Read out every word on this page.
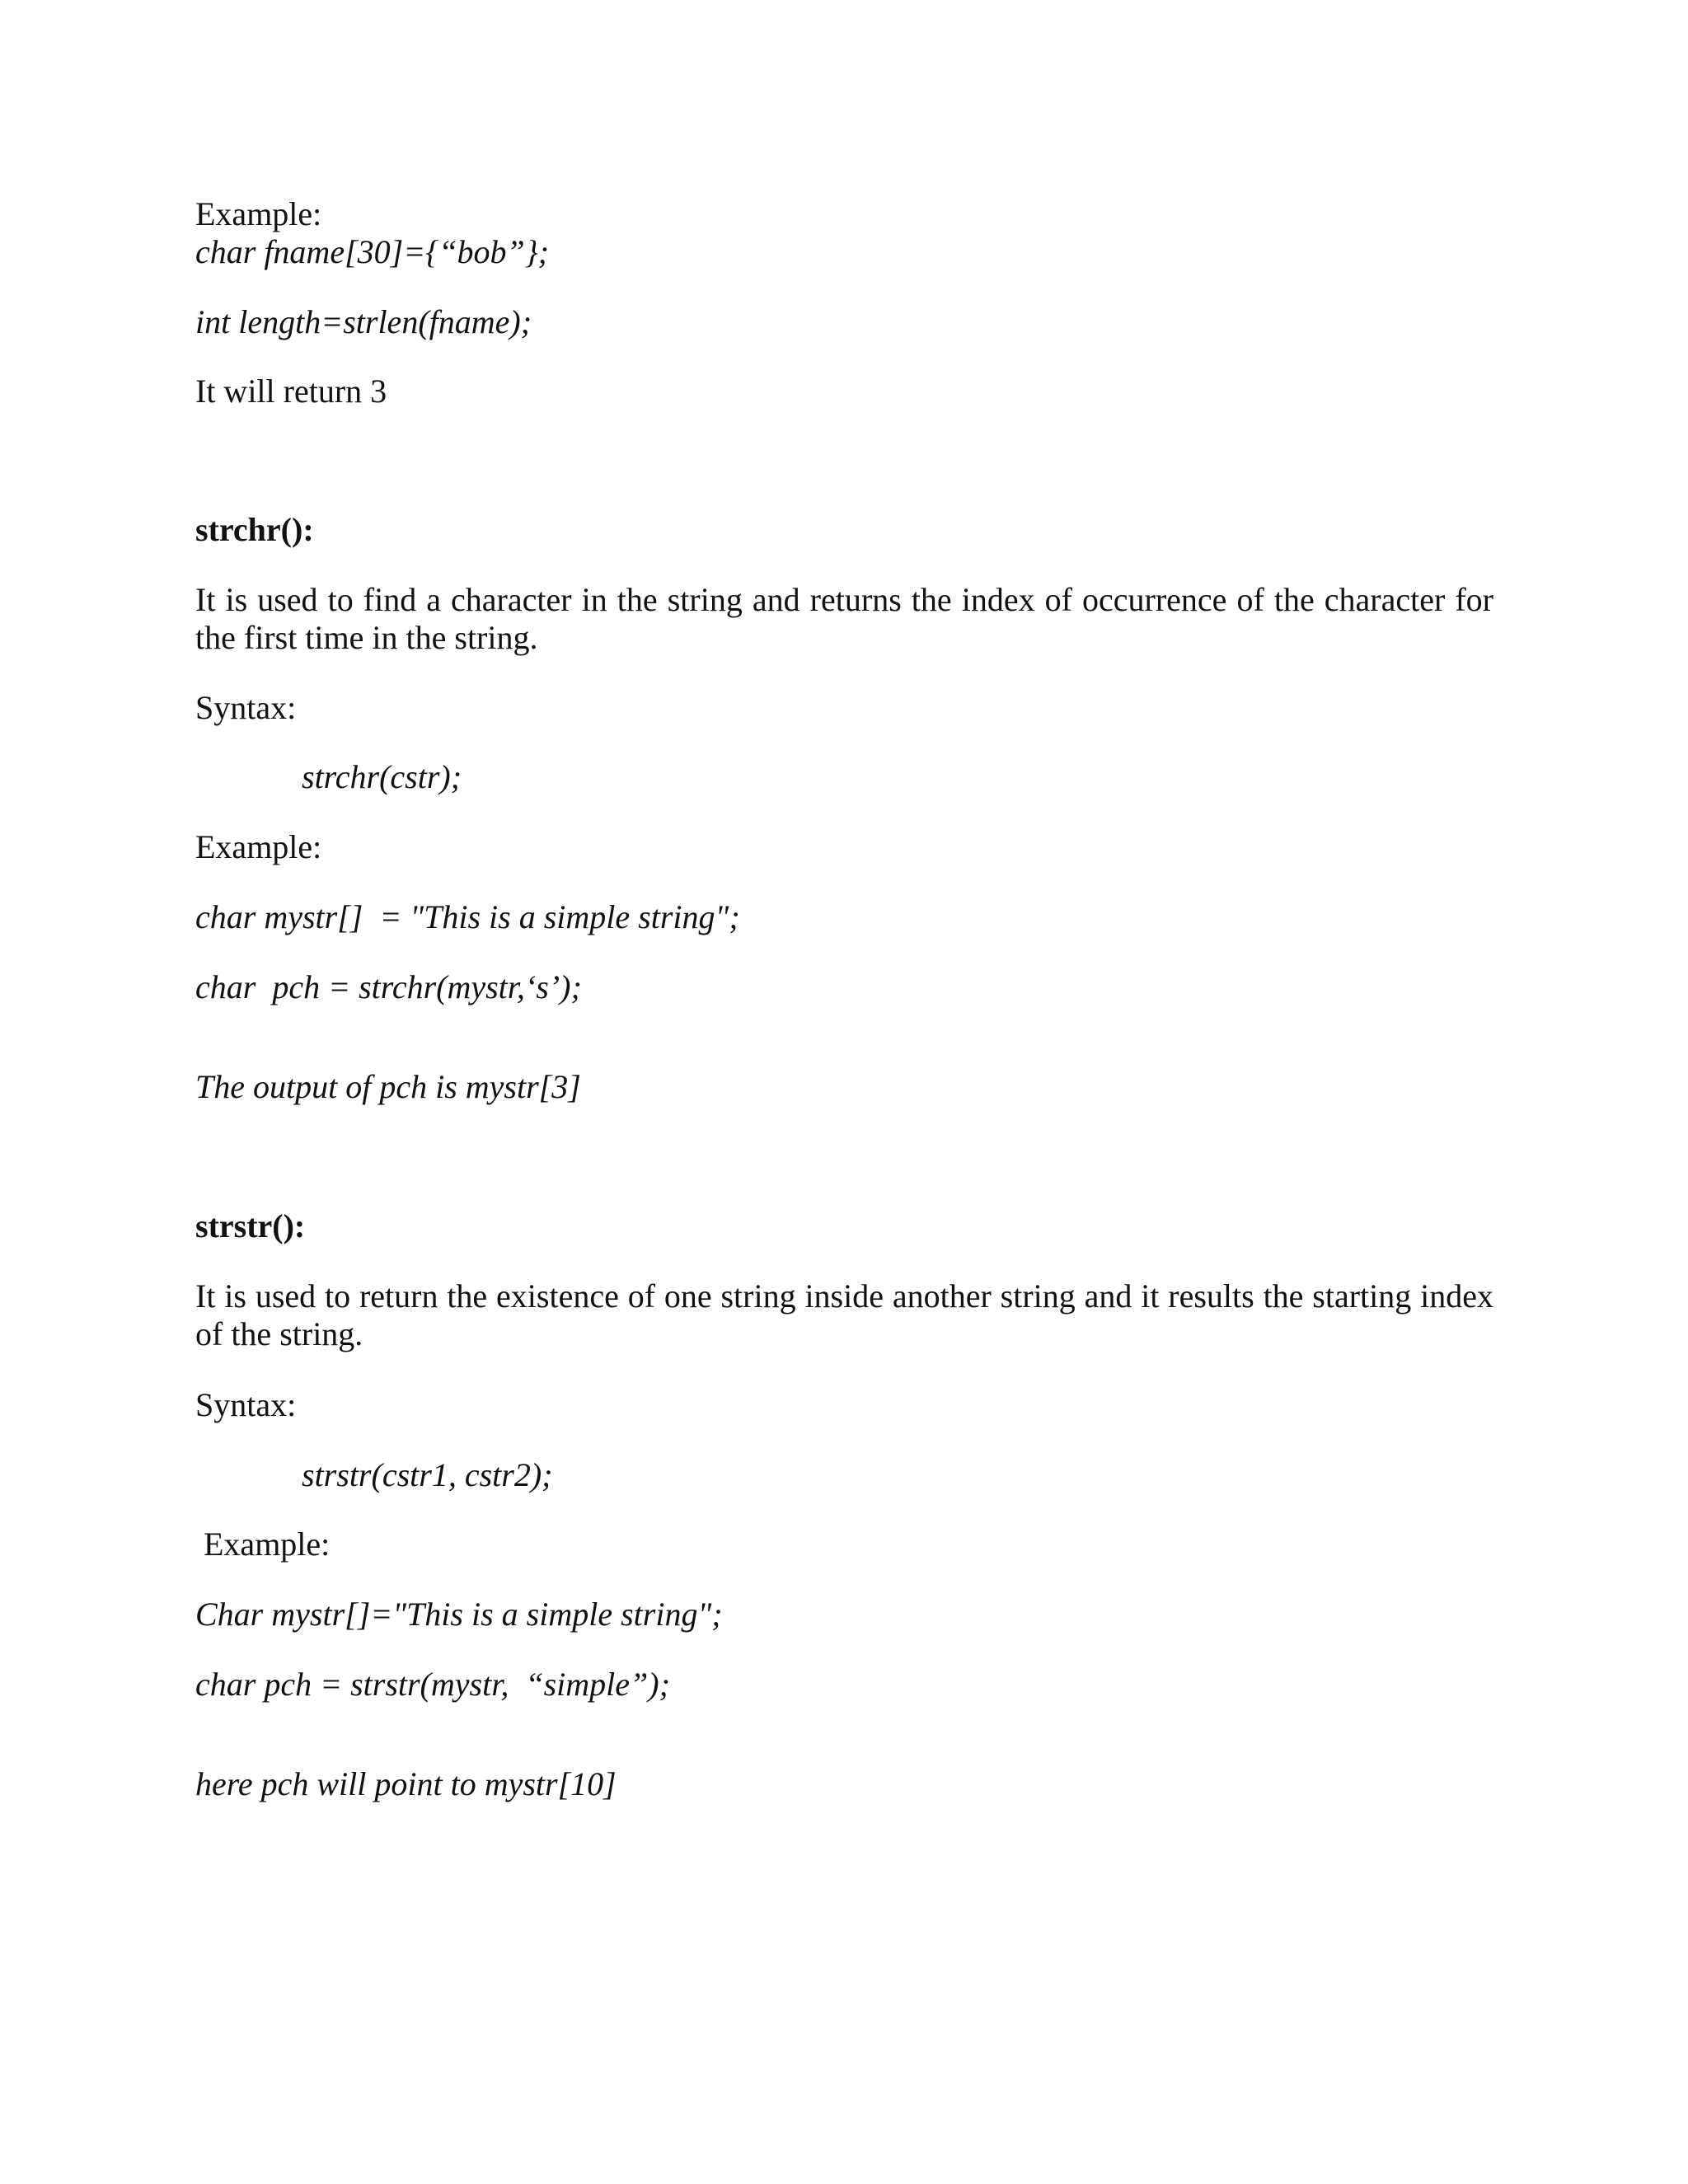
Example:

char fname[30]={“bob”};

int length=strlen(fname);

It will return 3

strchr():

It is used to find a character in the string and returns the index of occurrence of the character for the first time in the string.

Syntax:

strchr(cstr);

Example:

char mystr[]  = "This is a simple string";

char  pch = strchr(mystr,‘s’);

The output of pch is mystr[3]

strstr():

It is used to return the existence of one string inside another string and it results the starting index of the string.

Syntax:

strstr(cstr1, cstr2);

Example:

Char mystr[]="This is a simple string";

char pch = strstr(mystr,  “simple”);

here pch will point to mystr[10]
